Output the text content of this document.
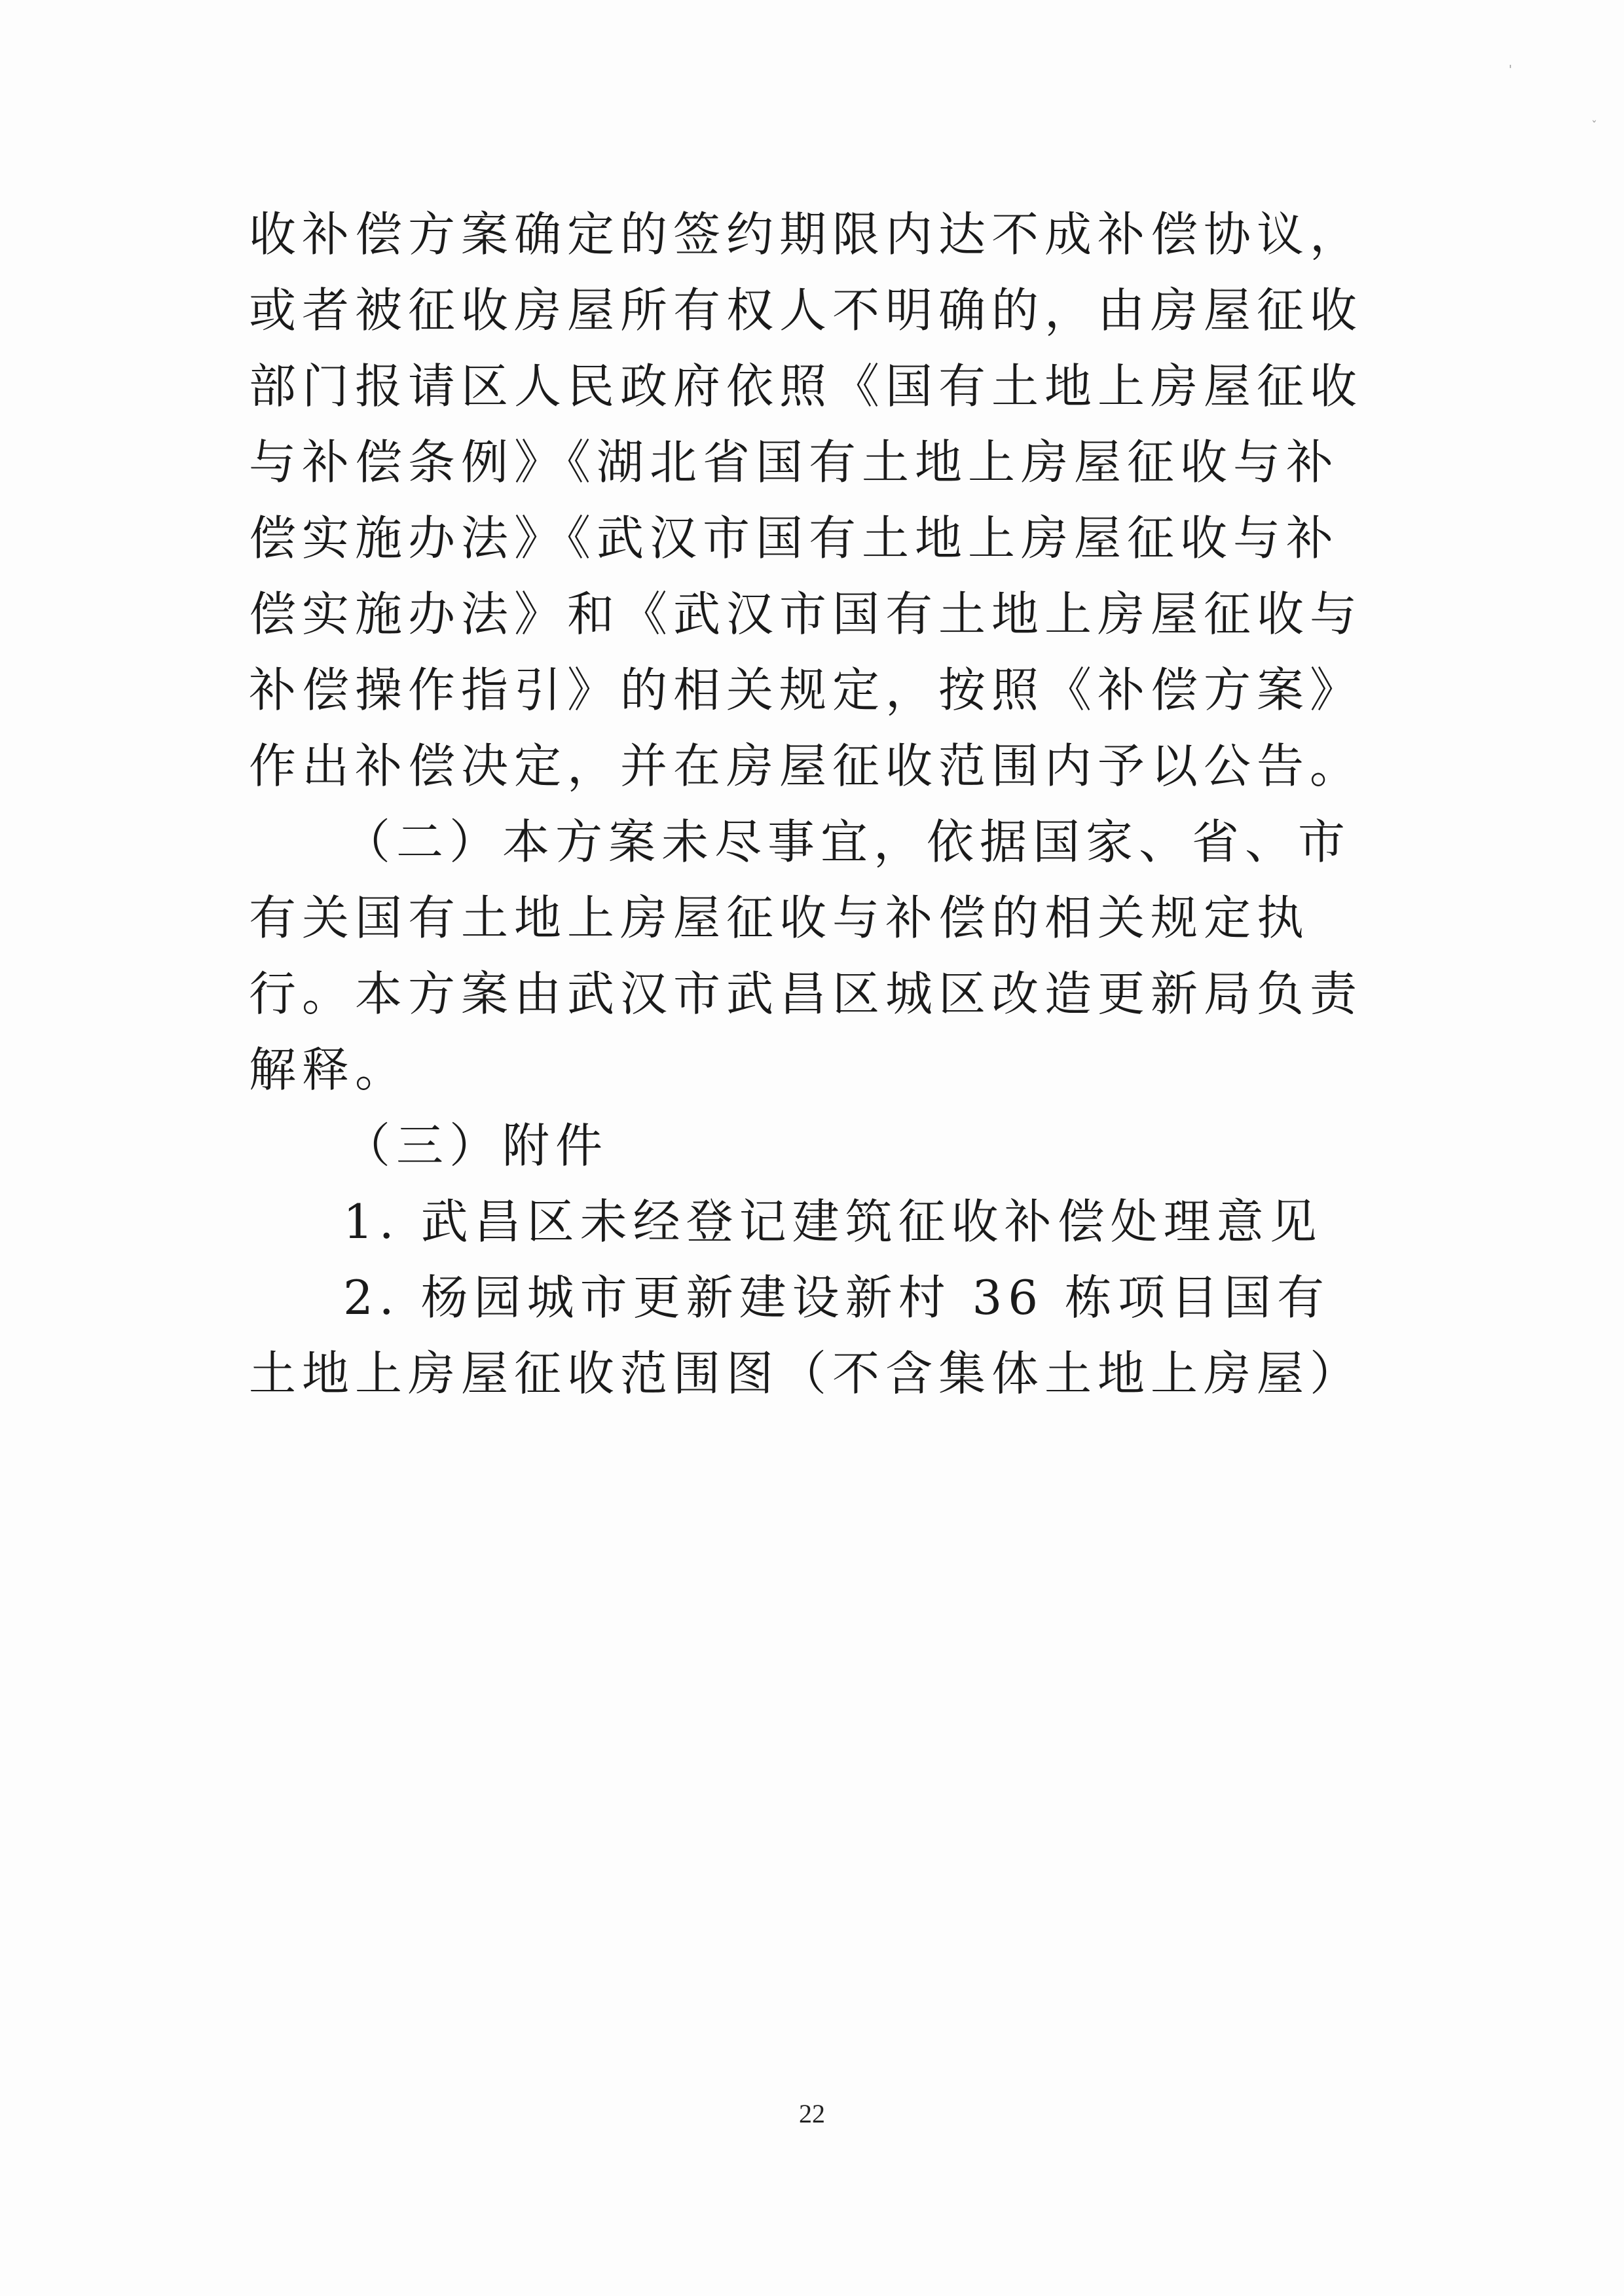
'
ˇ

收补偿方案确定的签约期限内达不成补偿协议，或者被征收房屋所有权人不明确的，由房屋征收部门报请区人民政府依照《国有土地上房屋征收与补偿条例》《湖北省国有土地上房屋征收与补偿实施办法》《武汉市国有土地上房屋征收与补偿实施办法》和《武汉市国有土地上房屋征收与补偿操作指引》的相关规定，按照《补偿方案》作出补偿决定，并在房屋征收范围内予以公告。

（二）本方案未尽事宜，依据国家、省、市有关国有土地上房屋征收与补偿的相关规定执行。本方案由武汉市武昌区城区改造更新局负责解释。

（三）附件

1. 武昌区未经登记建筑征收补偿处理意见

2. 杨园城市更新建设新村 36 栋项目国有土地上房屋征收范围图（不含集体土地上房屋）

22
